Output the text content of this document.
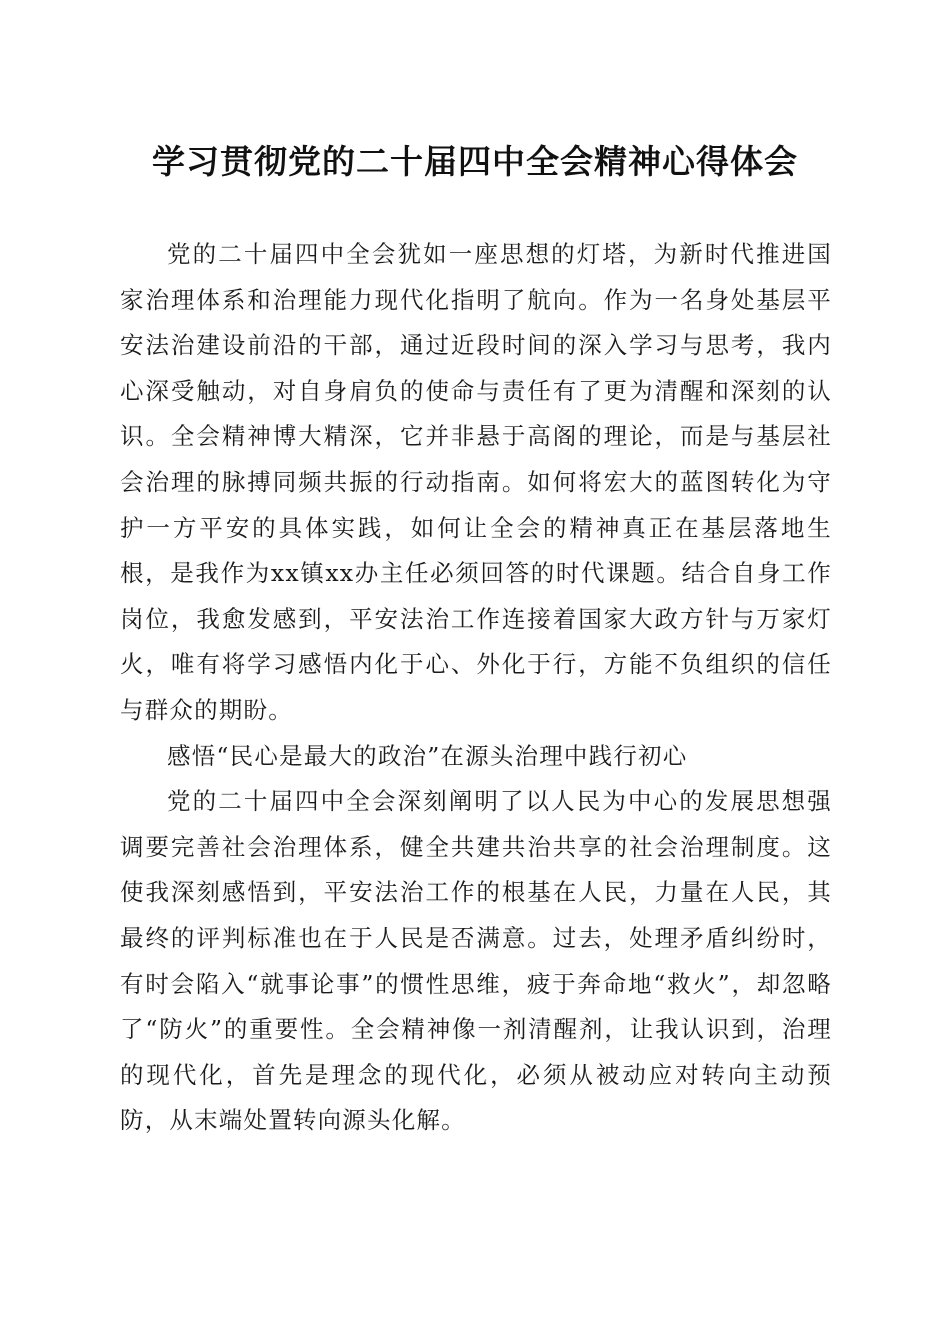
学习贯彻党的二十届四中全会精神心得体会

党的二十届四中全会犹如一座思想的灯塔，为新时代推进国家治理体系和治理能力现代化指明了航向。作为一名身处基层平安法治建设前沿的干部，通过近段时间的深入学习与思考，我内心深受触动，对自身肩负的使命与责任有了更为清醒和深刻的认识。全会精神博大精深，它并非悬于高阁的理论，而是与基层社会治理的脉搏同频共振的行动指南。如何将宏大的蓝图转化为守护一方平安的具体实践，如何让全会的精神真正在基层落地生根，是我作为xx镇xx办主任必须回答的时代课题。结合自身工作岗位，我愈发感到，平安法治工作连接着国家大政方针与万家灯火，唯有将学习感悟内化于心、外化于行，方能不负组织的信任与群众的期盼。

感悟“民心是最大的政治”在源头治理中践行初心

党的二十届四中全会深刻阐明了以人民为中心的发展思想强调要完善社会治理体系，健全共建共治共享的社会治理制度。这使我深刻感悟到，平安法治工作的根基在人民，力量在人民，其最终的评判标准也在于人民是否满意。过去，处理矛盾纠纷时，有时会陷入“就事论事”的惯性思维，疲于奔命地“救火”，却忽略了“防火”的重要性。全会精神像一剂清醒剂，让我认识到，治理的现代化，首先是理念的现代化，必须从被动应对转向主动预防，从末端处置转向源头化解。
